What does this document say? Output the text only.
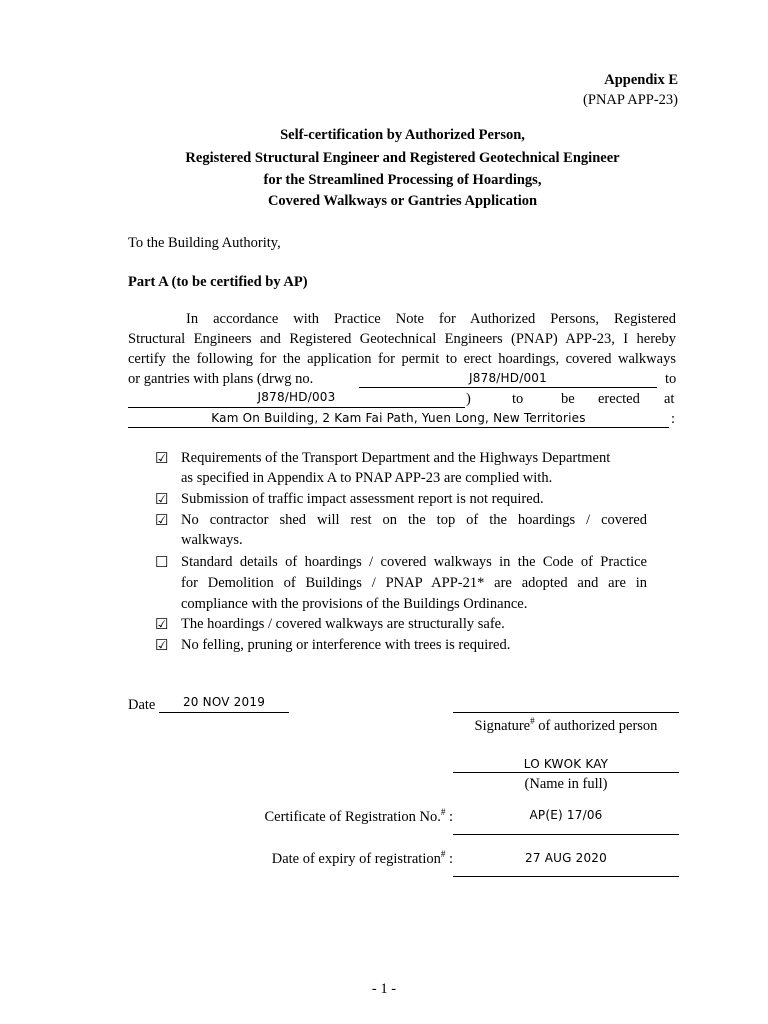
Appendix E
(PNAP APP-23)
Self-certification by Authorized Person,
Registered Structural Engineer and Registered Geotechnical Engineer
for the Streamlined Processing of Hoardings,
Covered Walkways or Gantries Application
To the Building Authority,
Part A (to be certified by AP)
In accordance with Practice Note for Authorized Persons, Registered
Structural Engineers and Registered Geotechnical Engineers (PNAP) APP-23, I hereby
certify the following for the application for permit to erect hoardings, covered walkways
or gantries with plans (drwg no.	J878/HD/001	to
J878/HD/003	)	to	be erected at
Kam On Building, 2 Kam Fai Path, Yuen Long, New Territories	:
☑ Requirements of the Transport Department and the Highways Department
as specified in Appendix A to PNAP APP-23 are complied with.
☑ Submission of traffic impact assessment report is not required.
☑ No contractor shed will rest on the top of the hoardings / covered
walkways.
☐ Standard details of hoardings / covered walkways in the Code of Practice
for Demolition of Buildings / PNAP APP-21* are adopted and are in
compliance with the provisions of the Buildings Ordinance.
☑ The hoardings / covered walkways are structurally safe.
☑ No felling, pruning or interference with trees is required.
Date	20 NOV 2019
Signature# of authorized person
LO KWOK KAY
(Name in full)
Certificate of Registration No.# :	AP(E) 17/06
Date of expiry of registration# :	27 AUG 2020
- 1 -
